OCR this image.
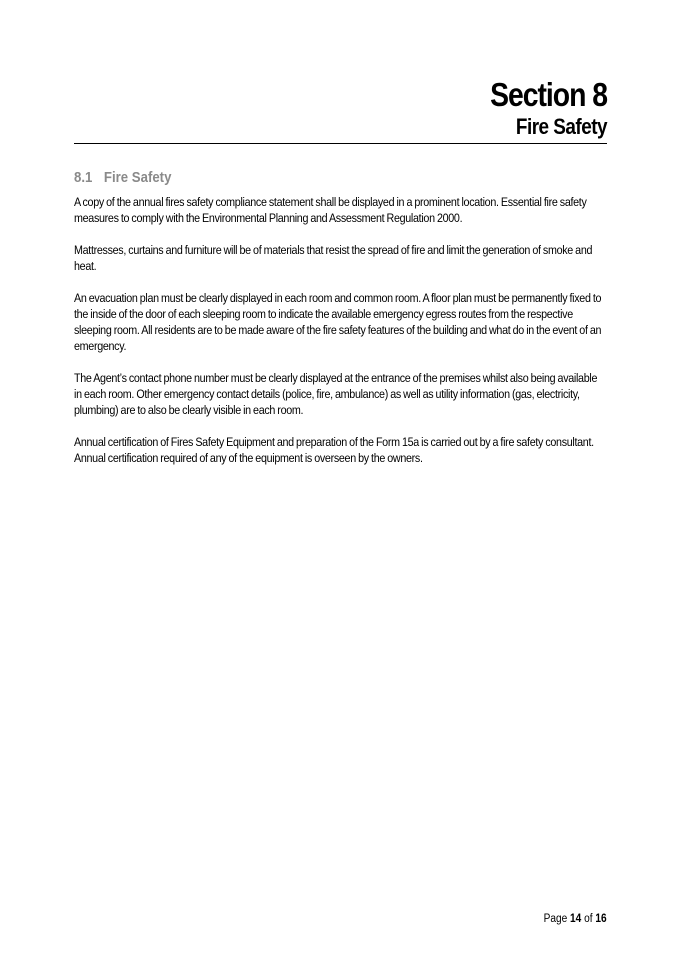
Section 8
Fire Safety
8.1 Fire Safety

A copy of the annual fires safety compliance statement shall be displayed in a prominent location. Essential fire safety measures to comply with the Environmental Planning and Assessment Regulation 2000.

Mattresses, curtains and furniture will be of materials that resist the spread of fire and limit the generation of smoke and heat.

An evacuation plan must be clearly displayed in each room and common room. A floor plan must be permanently fixed to the inside of the door of each sleeping room to indicate the available emergency egress routes from the respective sleeping room. All residents are to be made aware of the fire safety features of the building and what do in the event of an emergency.

The Agent’s contact phone number must be clearly displayed at the entrance of the premises whilst also being available in each room. Other emergency contact details (police, fire, ambulance) as well as utility information (gas, electricity, plumbing) are to also be clearly visible in each room.

Annual certification of Fires Safety Equipment and preparation of the Form 15a is carried out by a fire safety consultant. Annual certification required of any of the equipment is overseen by the owners.

Page 14 of 16
